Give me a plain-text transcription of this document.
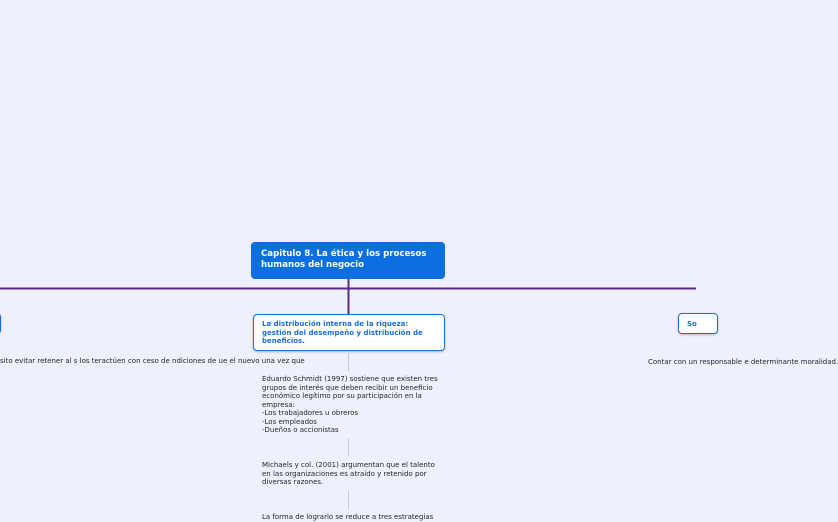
Capitulo 8. La ética y los procesos humanos del negocio
La distribución interna de la riqueza: gestión del desempeño y distribución de beneficios.
So
Eduardo Schmidt (1997) sostiene que existen tres grupos de interés que deben recibir un beneficio económico legítimo por su participación en la empresa:
-Los trabajadores u obreros
-Los empleados
-Dueños o accionistas
Michaels y col. (2001) argumentan que el talento en las organizaciones es atraído y retenido por diversas razones.
La forma de lograrlo se reduce a tres estrategias
Contar con un responsable e determinante moralidad.
sito evitar retener al s los teractúen con ceso de ndiciones de ue el nuevo una vez que
